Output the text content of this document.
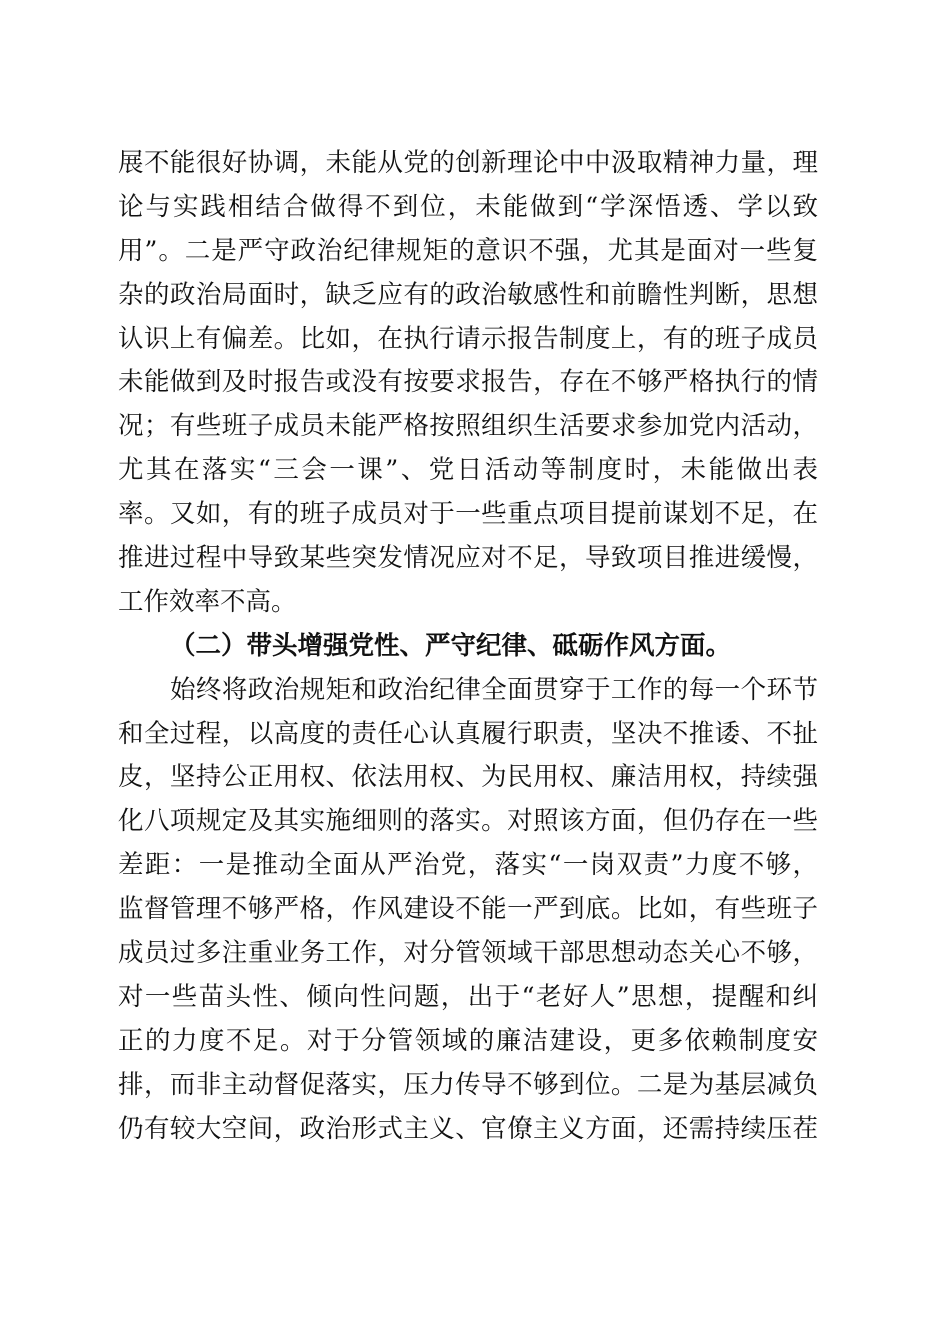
展不能很好协调，未能从党的创新理论中中汲取精神力量，理
论与实践相结合做得不到位，未能做到“学深悟透、学以致
用”。二是严守政治纪律规矩的意识不强，尤其是面对一些复
杂的政治局面时，缺乏应有的政治敏感性和前瞻性判断，思想
认识上有偏差。比如，在执行请示报告制度上，有的班子成员
未能做到及时报告或没有按要求报告，存在不够严格执行的情
况；有些班子成员未能严格按照组织生活要求参加党内活动，
尤其在落实“三会一课”、党日活动等制度时，未能做出表
率。又如，有的班子成员对于一些重点项目提前谋划不足，在
推进过程中导致某些突发情况应对不足，导致项目推进缓慢，
工作效率不高。
（二）带头增强党性、严守纪律、砥砺作风方面。
始终将政治规矩和政治纪律全面贯穿于工作的每一个环节
和全过程，以高度的责任心认真履行职责，坚决不推诿、不扯
皮，坚持公正用权、依法用权、为民用权、廉洁用权，持续强
化八项规定及其实施细则的落实。对照该方面，但仍存在一些
差距：一是推动全面从严治党，落实“一岗双责”力度不够，
监督管理不够严格，作风建设不能一严到底。比如，有些班子
成员过多注重业务工作，对分管领域干部思想动态关心不够，
对一些苗头性、倾向性问题，出于“老好人”思想，提醒和纠
正的力度不足。对于分管领域的廉洁建设，更多依赖制度安
排，而非主动督促落实，压力传导不够到位。二是为基层减负
仍有较大空间，政治形式主义、官僚主义方面，还需持续压茬
